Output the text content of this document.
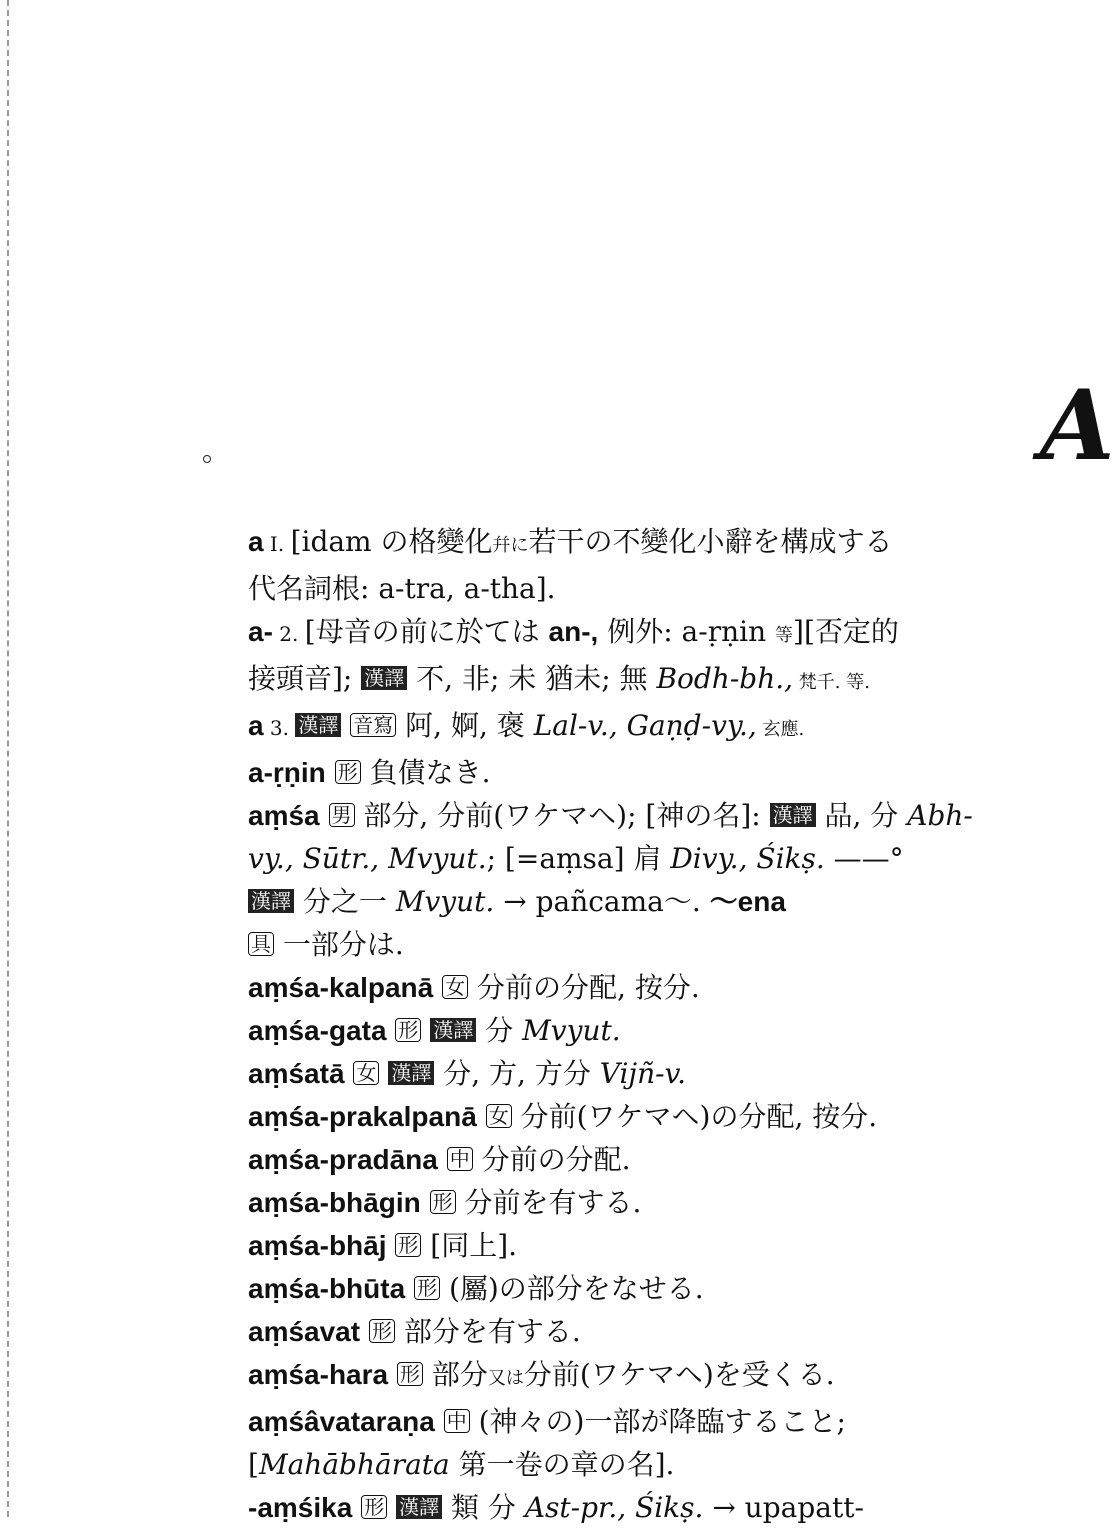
A
a I. [idam の格變化幷に若干の不變化小辭を構成する
代名詞根: a-tra, a-tha].
a- 2. [母音の前に於ては an-, 例外: a-ṛṇin 等][否定的
接頭音]; 漢譯 不, 非; 未 猶未; 無 Bodh-bh., 梵千. 等.
a 3. 漢譯 音寫 阿, 婀, 褒 Lal-v., Gaṇḍ-vy., 玄應.
a-ṛṇin 形 負債なき.
aṃśa 男 部分, 分前(ワケマヘ); [神の名]: 漢譯 品, 分 Abh-
vy., Sūtr., Mvyut.; [=aṃsa] 肩 Divy., Śikṣ. ——°
漢譯 分之一 Mvyut. → pañcama〜. 〜ena
具 一部分は.
aṃśa-kalpanā 女 分前の分配, 按分.
aṃśa-gata 形 漢譯 分 Mvyut.
aṃśatā 女 漢譯 分, 方, 方分 Vijñ-v.
aṃśa-prakalpanā 女 分前(ワケマヘ)の分配, 按分.
aṃśa-pradāna 中 分前の分配.
aṃśa-bhāgin 形 分前を有する.
aṃśa-bhāj 形 [同上].
aṃśa-bhūta 形 (屬)の部分をなせる.
aṃśavat 形 部分を有する.
aṃśa-hara 形 部分又は分前(ワケマヘ)を受くる.
aṃśâvataraṇa 中 (神々の)一部が降臨すること;
[Mahābhārata 第一卷の章の名].
-aṃśika 形 漢譯 類 分 Ast-pr., Śikṣ. → upapatt-
